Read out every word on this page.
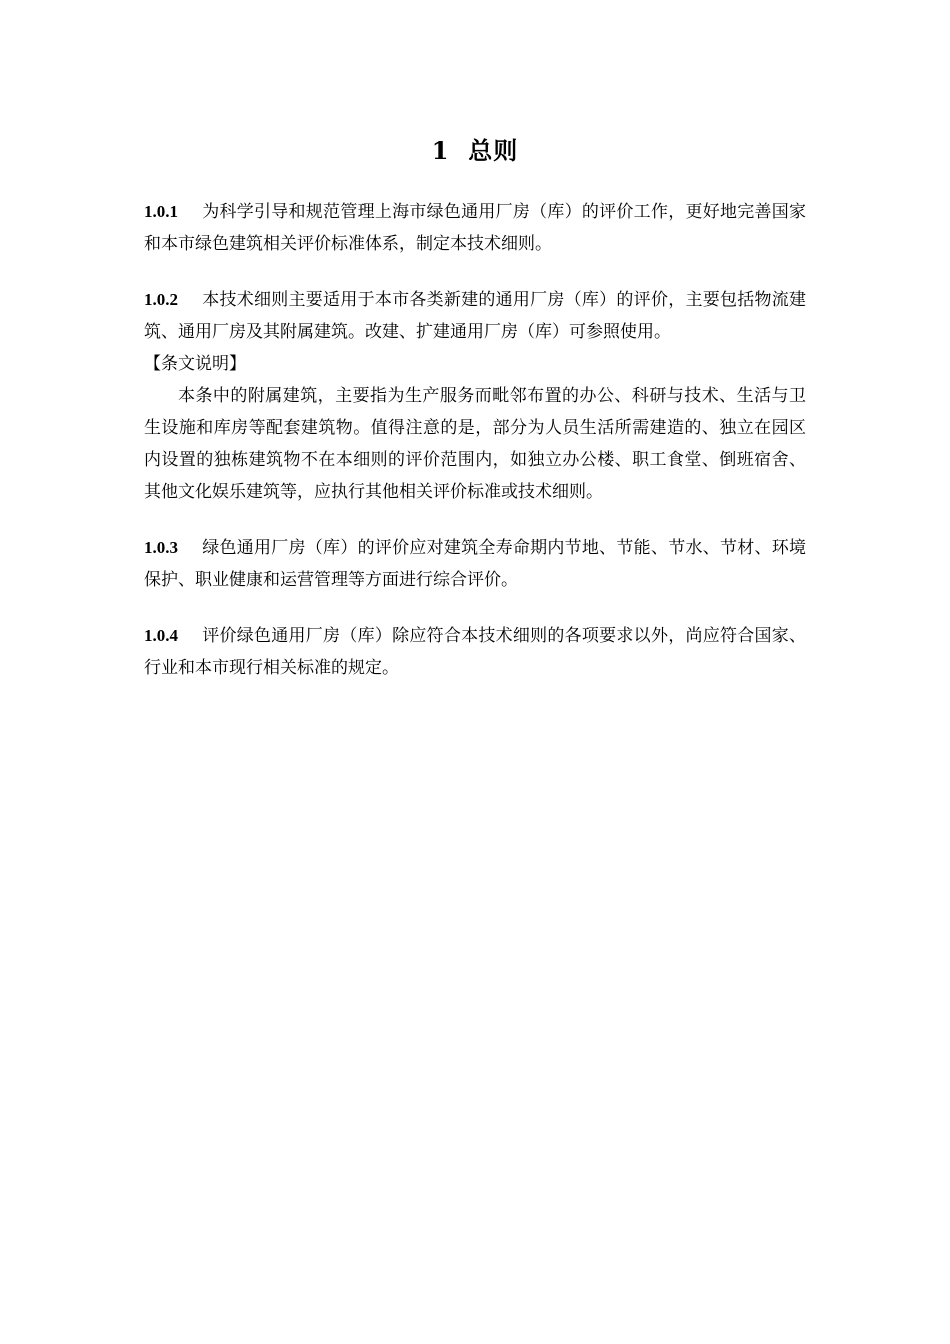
1 总则

1.0.1 为科学引导和规范管理上海市绿色通用厂房（库）的评价工作，更好地完善国家和本市绿色建筑相关评价标准体系，制定本技术细则。

1.0.2 本技术细则主要适用于本市各类新建的通用厂房（库）的评价，主要包括物流建筑、通用厂房及其附属建筑。改建、扩建通用厂房（库）可参照使用。

【条文说明】

本条中的附属建筑，主要指为生产服务而毗邻布置的办公、科研与技术、生活与卫生设施和库房等配套建筑物。值得注意的是，部分为人员生活所需建造的、独立在园区内设置的独栋建筑物不在本细则的评价范围内，如独立办公楼、职工食堂、倒班宿舍、其他文化娱乐建筑等，应执行其他相关评价标准或技术细则。

1.0.3 绿色通用厂房（库）的评价应对建筑全寿命期内节地、节能、节水、节材、环境保护、职业健康和运营管理等方面进行综合评价。

1.0.4 评价绿色通用厂房（库）除应符合本技术细则的各项要求以外，尚应符合国家、行业和本市现行相关标准的规定。
